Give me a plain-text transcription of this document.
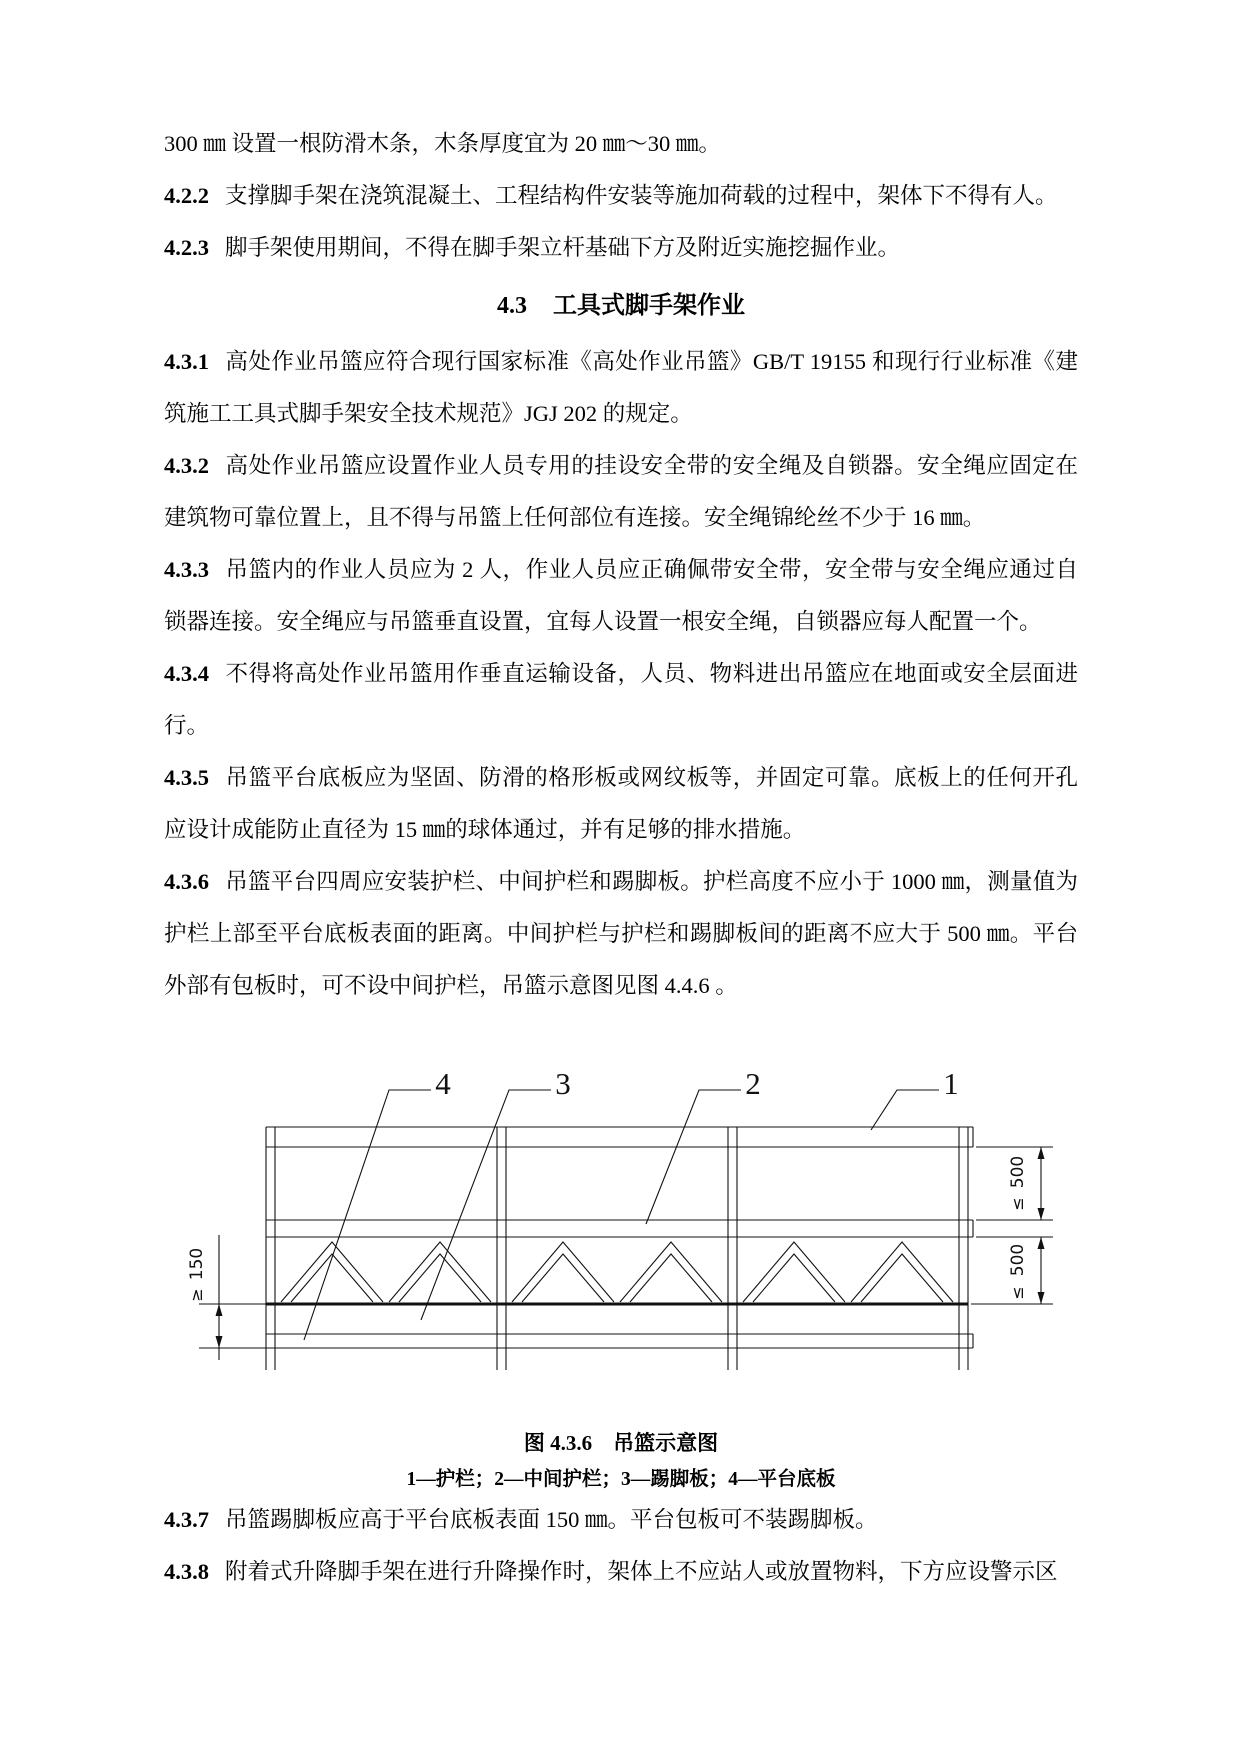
300 ㎜ 设置一根防滑木条，木条厚度宜为 20 ㎜～30 ㎜。

4.2.2 支撑脚手架在浇筑混凝土、工程结构件安装等施加荷载的过程中，架体下不得有人。

4.2.3 脚手架使用期间，不得在脚手架立杆基础下方及附近实施挖掘作业。

4.3 工具式脚手架作业

4.3.1 高处作业吊篮应符合现行国家标准《高处作业吊篮》GB/T 19155 和现行行业标准《建筑施工工具式脚手架安全技术规范》JGJ 202 的规定。

4.3.2 高处作业吊篮应设置作业人员专用的挂设安全带的安全绳及自锁器。安全绳应固定在建筑物可靠位置上，且不得与吊篮上任何部位有连接。安全绳锦纶丝不少于 16 ㎜。

4.3.3 吊篮内的作业人员应为 2 人，作业人员应正确佩带安全带，安全带与安全绳应通过自锁器连接。安全绳应与吊篮垂直设置，宜每人设置一根安全绳，自锁器应每人配置一个。

4.3.4 不得将高处作业吊篮用作垂直运输设备，人员、物料进出吊篮应在地面或安全层面进行。

4.3.5 吊篮平台底板应为坚固、防滑的格形板或网纹板等，并固定可靠。底板上的任何开孔应设计成能防止直径为 15 ㎜的球体通过，并有足够的排水措施。

4.3.6 吊篮平台四周应安装护栏、中间护栏和踢脚板。护栏高度不应小于 1000 ㎜，测量值为护栏上部至平台底板表面的距离。中间护栏与护栏和踢脚板间的距离不应大于 500 ㎜。平台外部有包板时，可不设中间护栏，吊篮示意图见图 4.4.6 。

4	3	2	1
500
≤
500
≤
150
≥
图 4.3.6　吊篮示意图
1—护栏；2—中间护栏；3—踢脚板；4—平台底板

4.3.7 吊篮踢脚板应高于平台底板表面 150 ㎜。平台包板可不装踢脚板。

4.3.8 附着式升降脚手架在进行升降操作时，架体上不应站人或放置物料，下方应设警示区
